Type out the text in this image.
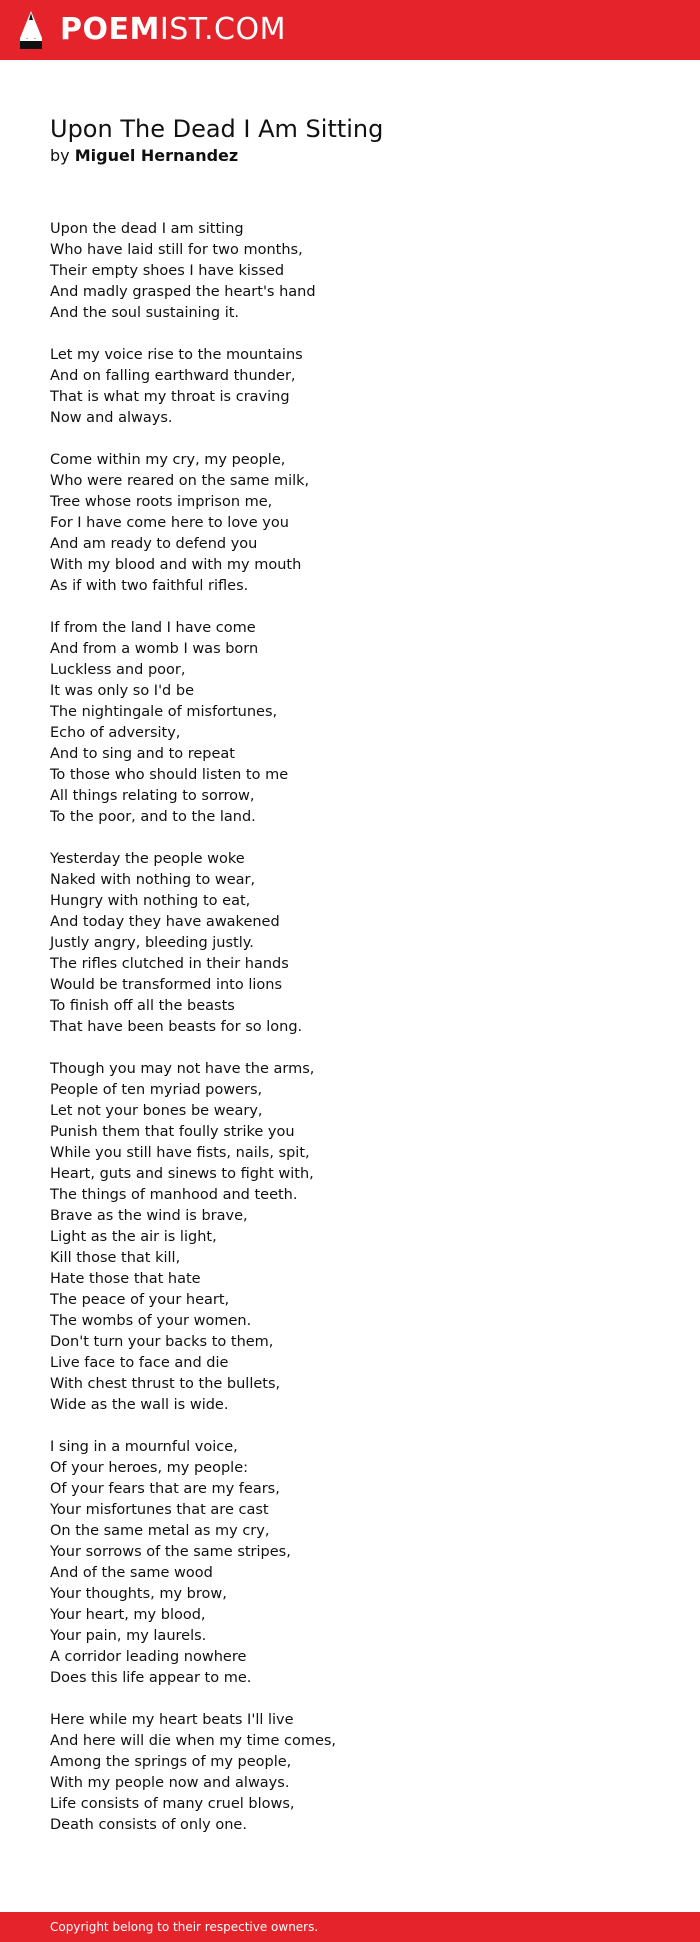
POEMIST.COM
Upon The Dead I Am Sitting

by Miguel Hernandez

Upon the dead I am sitting
Who have laid still for two months,
Their empty shoes I have kissed
And madly grasped the heart's hand
And the soul sustaining it.
Let my voice rise to the mountains
And on falling earthward thunder,
That is what my throat is craving
Now and always.
Come within my cry, my people,
Who were reared on the same milk,
Tree whose roots imprison me,
For I have come here to love you
And am ready to defend you
With my blood and with my mouth
As if with two faithful rifles.
If from the land I have come
And from a womb I was born
Luckless and poor,
It was only so I'd be
The nightingale of misfortunes,
Echo of adversity,
And to sing and to repeat
To those who should listen to me
All things relating to sorrow,
To the poor, and to the land.
Yesterday the people woke
Naked with nothing to wear,
Hungry with nothing to eat,
And today they have awakened
Justly angry, bleeding justly.
The rifles clutched in their hands
Would be transformed into lions
To finish off all the beasts
That have been beasts for so long.
Though you may not have the arms,
People of ten myriad powers,
Let not your bones be weary,
Punish them that foully strike you
While you still have fists, nails, spit,
Heart, guts and sinews to fight with,
The things of manhood and teeth.
Brave as the wind is brave,
Light as the air is light,
Kill those that kill,
Hate those that hate
The peace of your heart,
The wombs of your women.
Don't turn your backs to them,
Live face to face and die
With chest thrust to the bullets,
Wide as the wall is wide.
I sing in a mournful voice,
Of your heroes, my people:
Of your fears that are my fears,
Your misfortunes that are cast
On the same metal as my cry,
Your sorrows of the same stripes,
And of the same wood
Your thoughts, my brow,
Your heart, my blood,
Your pain, my laurels.
A corridor leading nowhere
Does this life appear to me.
Here while my heart beats I'll live
And here will die when my time comes,
Among the springs of my people,
With my people now and always.
Life consists of many cruel blows,
Death consists of only one.
Copyright belong to their respective owners.
